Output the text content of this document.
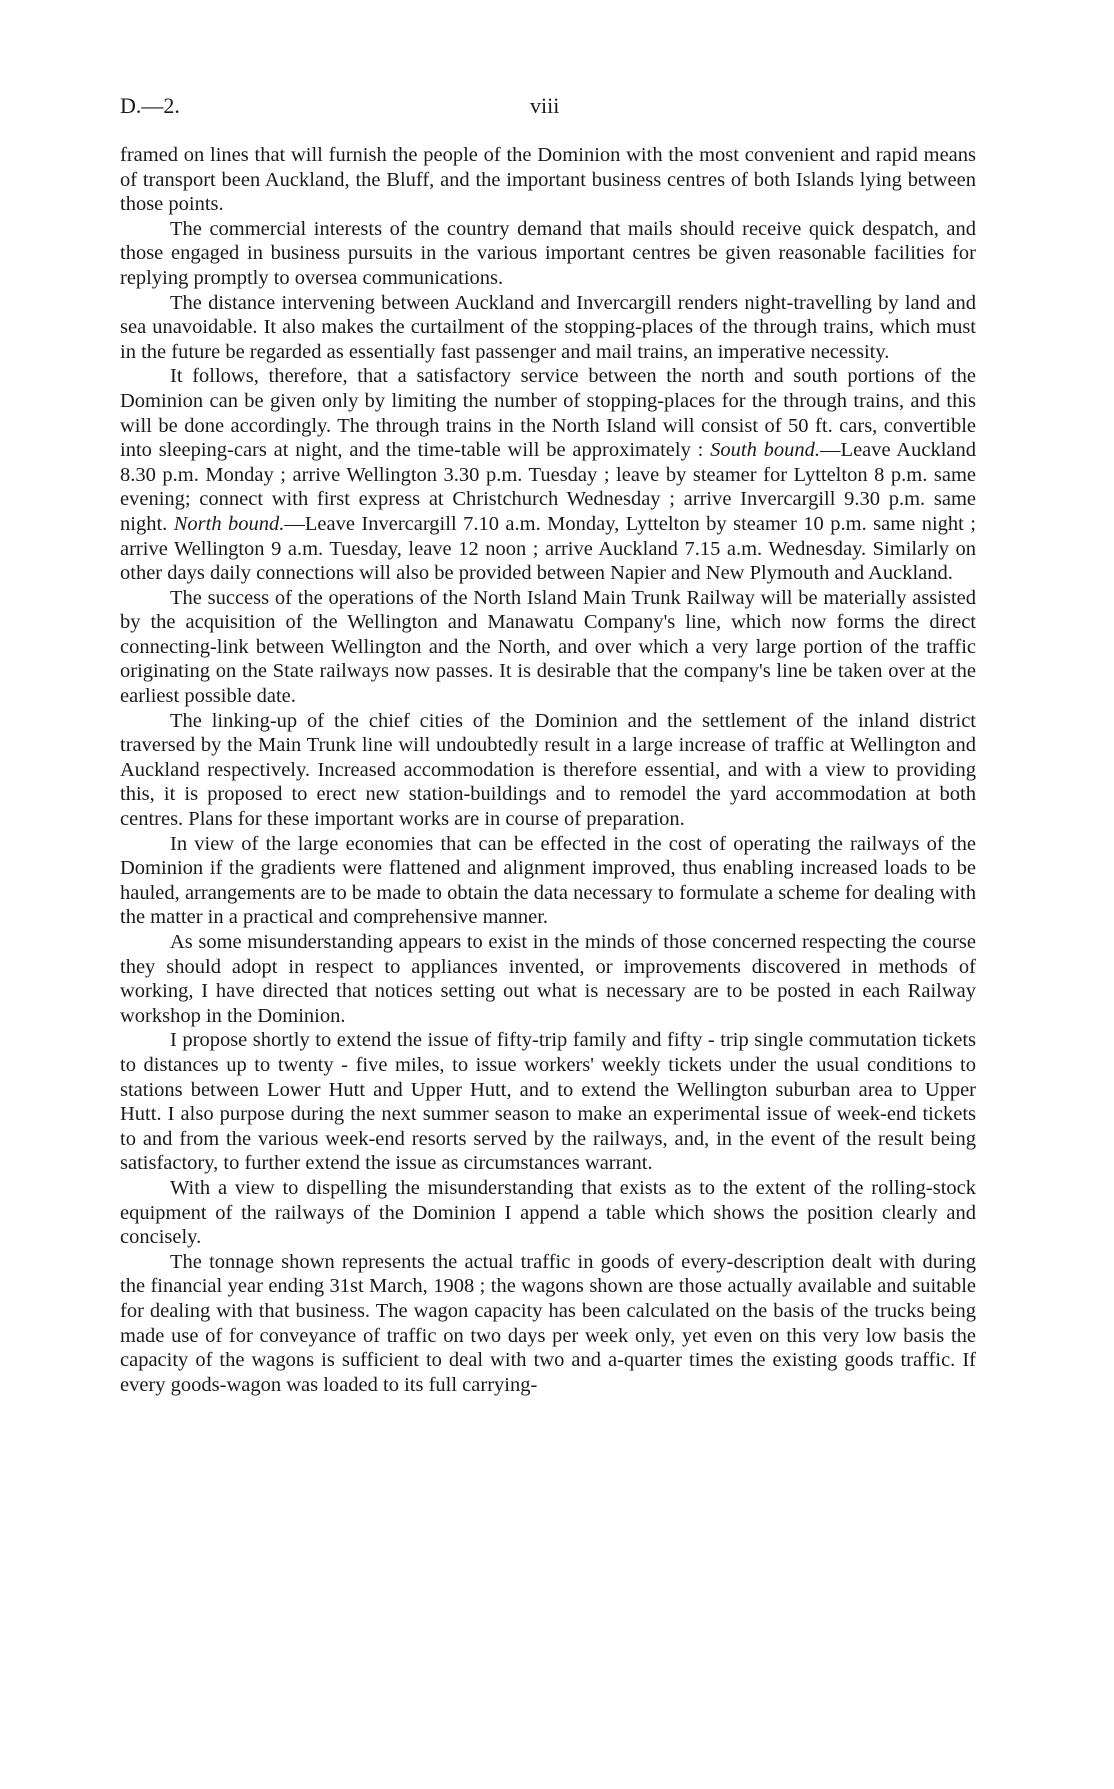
D.—2.	viii

framed on lines that will furnish the people of the Dominion with the most convenient and rapid means of transport been Auckland, the Bluff, and the important business centres of both Islands lying between those points.

The commercial interests of the country demand that mails should receive quick despatch, and those engaged in business pursuits in the various important centres be given reasonable facilities for replying promptly to oversea communications.

The distance intervening between Auckland and Invercargill renders night-travelling by land and sea unavoidable. It also makes the curtailment of the stopping-places of the through trains, which must in the future be regarded as essentially fast passenger and mail trains, an imperative necessity.

It follows, therefore, that a satisfactory service between the north and south portions of the Dominion can be given only by limiting the number of stopping-places for the through trains, and this will be done accordingly. The through trains in the North Island will consist of 50 ft. cars, convertible into sleeping-cars at night, and the time-table will be approximately : South bound.—Leave Auckland 8.30 p.m. Monday ; arrive Wellington 3.30 p.m. Tuesday ; leave by steamer for Lyttelton 8 p.m. same evening; connect with first express at Christchurch Wednesday ; arrive Invercargill 9.30 p.m. same night. North bound.—Leave Invercargill 7.10 a.m. Monday, Lyttelton by steamer 10 p.m. same night ; arrive Wellington 9 a.m. Tuesday, leave 12 noon ; arrive Auckland 7.15 a.m. Wednesday. Similarly on other days daily connections will also be provided between Napier and New Plymouth and Auckland.

The success of the operations of the North Island Main Trunk Railway will be materially assisted by the acquisition of the Wellington and Manawatu Company's line, which now forms the direct connecting-link between Wellington and the North, and over which a very large portion of the traffic originating on the State railways now passes. It is desirable that the company's line be taken over at the earliest possible date.

The linking-up of the chief cities of the Dominion and the settlement of the inland district traversed by the Main Trunk line will undoubtedly result in a large increase of traffic at Wellington and Auckland respectively. Increased accommodation is therefore essential, and with a view to providing this, it is proposed to erect new station-buildings and to remodel the yard accommodation at both centres. Plans for these important works are in course of preparation.

In view of the large economies that can be effected in the cost of operating the railways of the Dominion if the gradients were flattened and alignment improved, thus enabling increased loads to be hauled, arrangements are to be made to obtain the data necessary to formulate a scheme for dealing with the matter in a practical and comprehensive manner.

As some misunderstanding appears to exist in the minds of those concerned respecting the course they should adopt in respect to appliances invented, or improvements discovered in methods of working, I have directed that notices setting out what is necessary are to be posted in each Railway workshop in the Dominion.

I propose shortly to extend the issue of fifty-trip family and fifty - trip single commutation tickets to distances up to twenty - five miles, to issue workers' weekly tickets under the usual conditions to stations between Lower Hutt and Upper Hutt, and to extend the Wellington suburban area to Upper Hutt. I also purpose during the next summer season to make an experimental issue of week-end tickets to and from the various week-end resorts served by the railways, and, in the event of the result being satisfactory, to further extend the issue as circumstances warrant.

With a view to dispelling the misunderstanding that exists as to the extent of the rolling-stock equipment of the railways of the Dominion I append a table which shows the position clearly and concisely.

The tonnage shown represents the actual traffic in goods of every-description dealt with during the financial year ending 31st March, 1908 ; the wagons shown are those actually available and suitable for dealing with that business. The wagon capacity has been calculated on the basis of the trucks being made use of for conveyance of traffic on two days per week only, yet even on this very low basis the capacity of the wagons is sufficient to deal with two and a-quarter times the existing goods traffic. If every goods-wagon was loaded to its full carrying-
